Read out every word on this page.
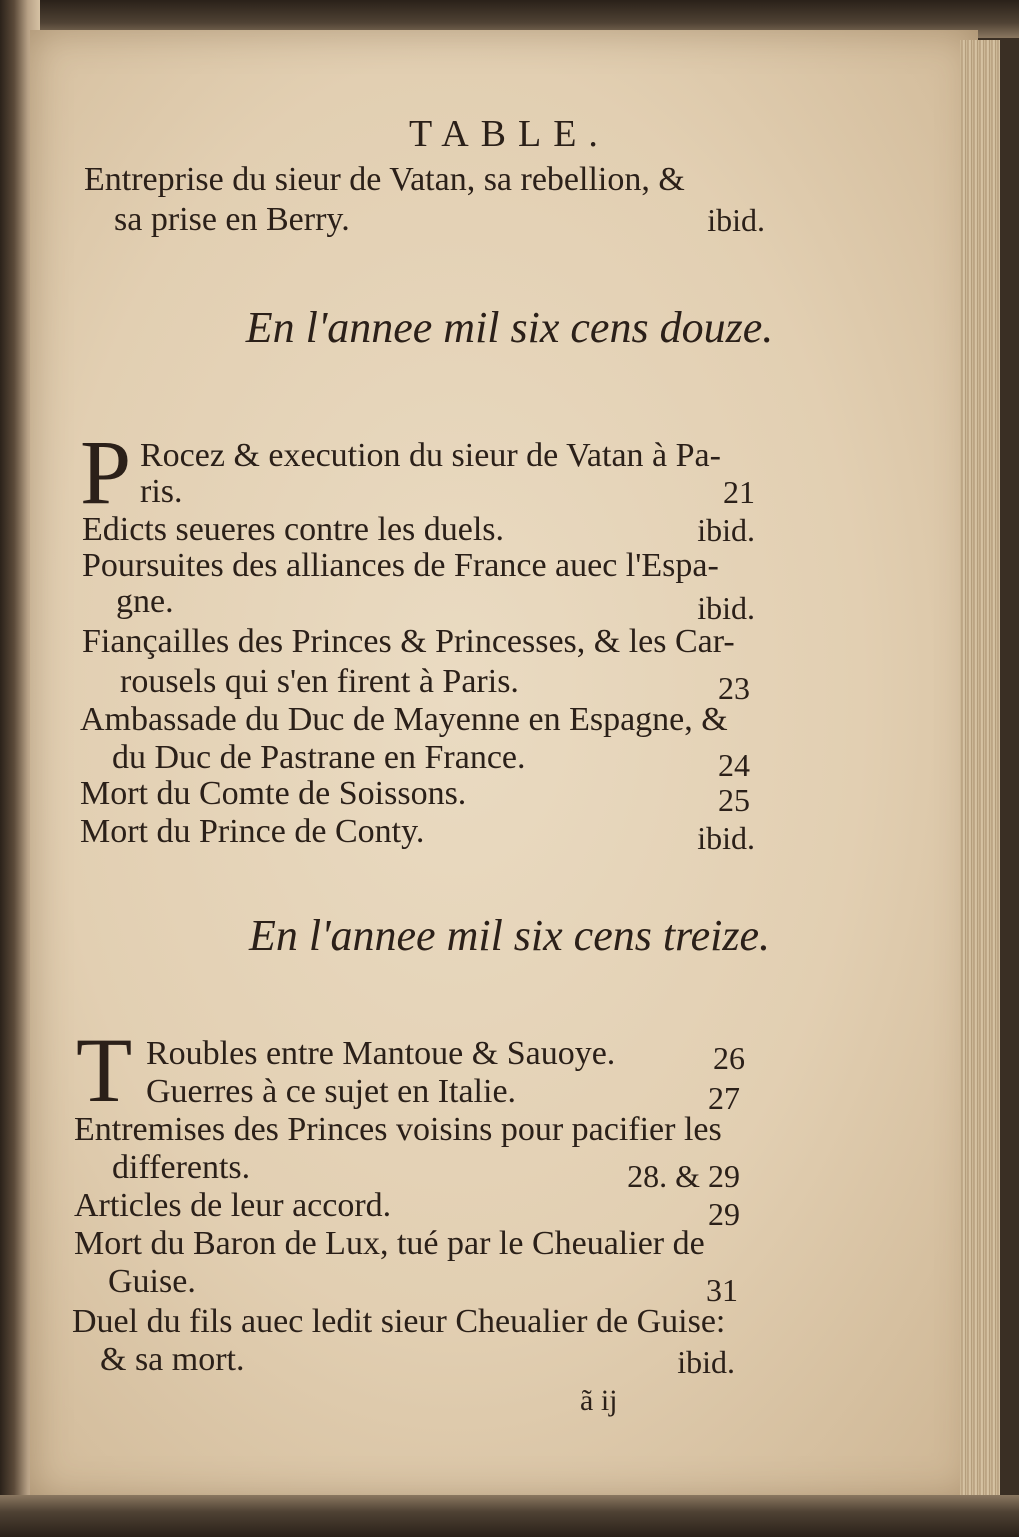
TABLE.
Entreprise du sieur de Vatan, sa rebellion, &
sa prise en Berry.	ibid.
En l'annee mil six cens douze.
P Rocez & execution du sieur de Vatan à Pa-
ris.	21
Edicts seueres contre les duels.	ibid.
Poursuites des alliances de France auec l'Espa-
gne.	ibid.
Fiançailles des Princes & Princesses, & les Car-
rousels qui s'en firent à Paris.	23
Ambassade du Duc de Mayenne en Espagne, &
du Duc de Pastrane en France.	24
Mort du Comte de Soissons.	25
Mort du Prince de Conty.	ibid.
En l'annee mil six cens treize.
T Roubles entre Mantoue & Sauoye.	26
Guerres à ce sujet en Italie.	27
Entremises des Princes voisins pour pacifier les
differents.	28. & 29
Articles de leur accord.	29
Mort du Baron de Lux, tué par le Cheualier de
Guise.	31
Duel du fils auec ledit sieur Cheualier de Guise:
& sa mort.	ibid.
ã ij
